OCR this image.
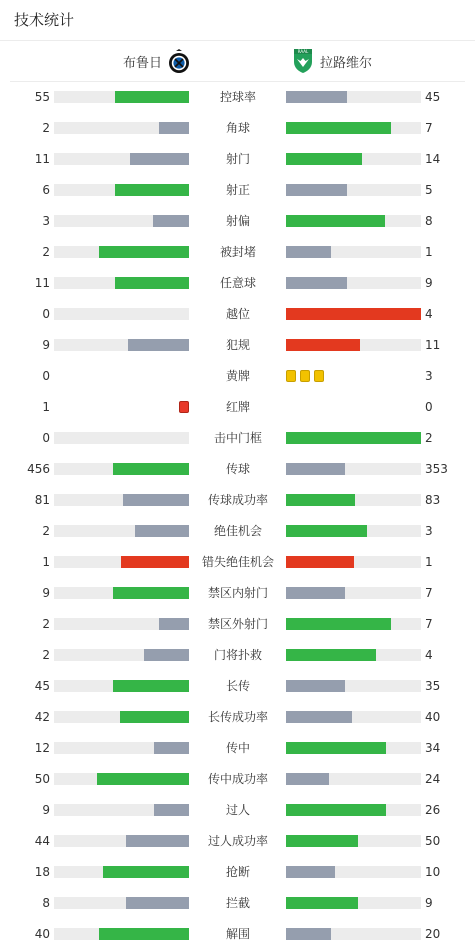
技术统计
布鲁日
RAAL
拉路维尔
55	控球率	45
2	角球	7
11	射门	14
6	射正	5
3	射偏	8
2	被封堵	1
11	任意球	9
0	越位	4
9	犯规	11
0	黄牌	3
1	红牌	0
0	击中门框	2
456	传球	353
81	传球成功率	83
2	绝佳机会	3
1	错失绝佳机会	1
9	禁区内射门	7
2	禁区外射门	7
2	门将扑救	4
45	长传	35
42	长传成功率	40
12	传中	34
50	传中成功率	24
9	过人	26
44	过人成功率	50
18	抢断	10
8	拦截	9
40	解围	20
